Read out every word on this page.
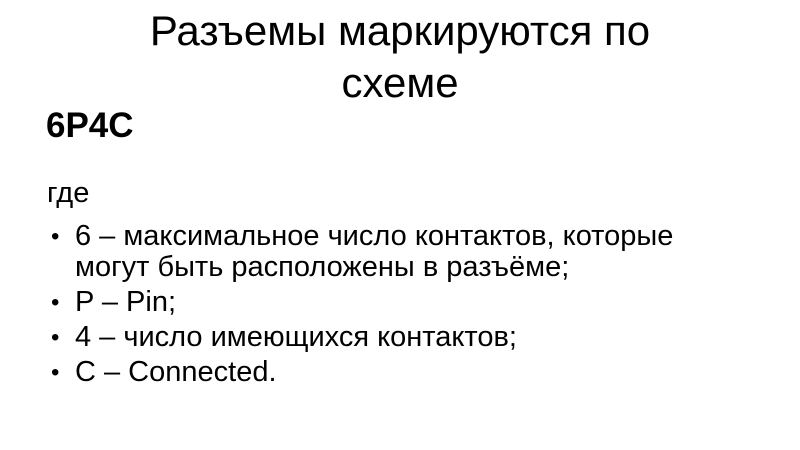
Разъемы маркируются по
схеме
6P4C
где
• 6 – максимальное число контактов, которые могут быть расположены в разъёме;
• P – Pin;
• 4 – число имеющихся контактов;
• C – Connected.
